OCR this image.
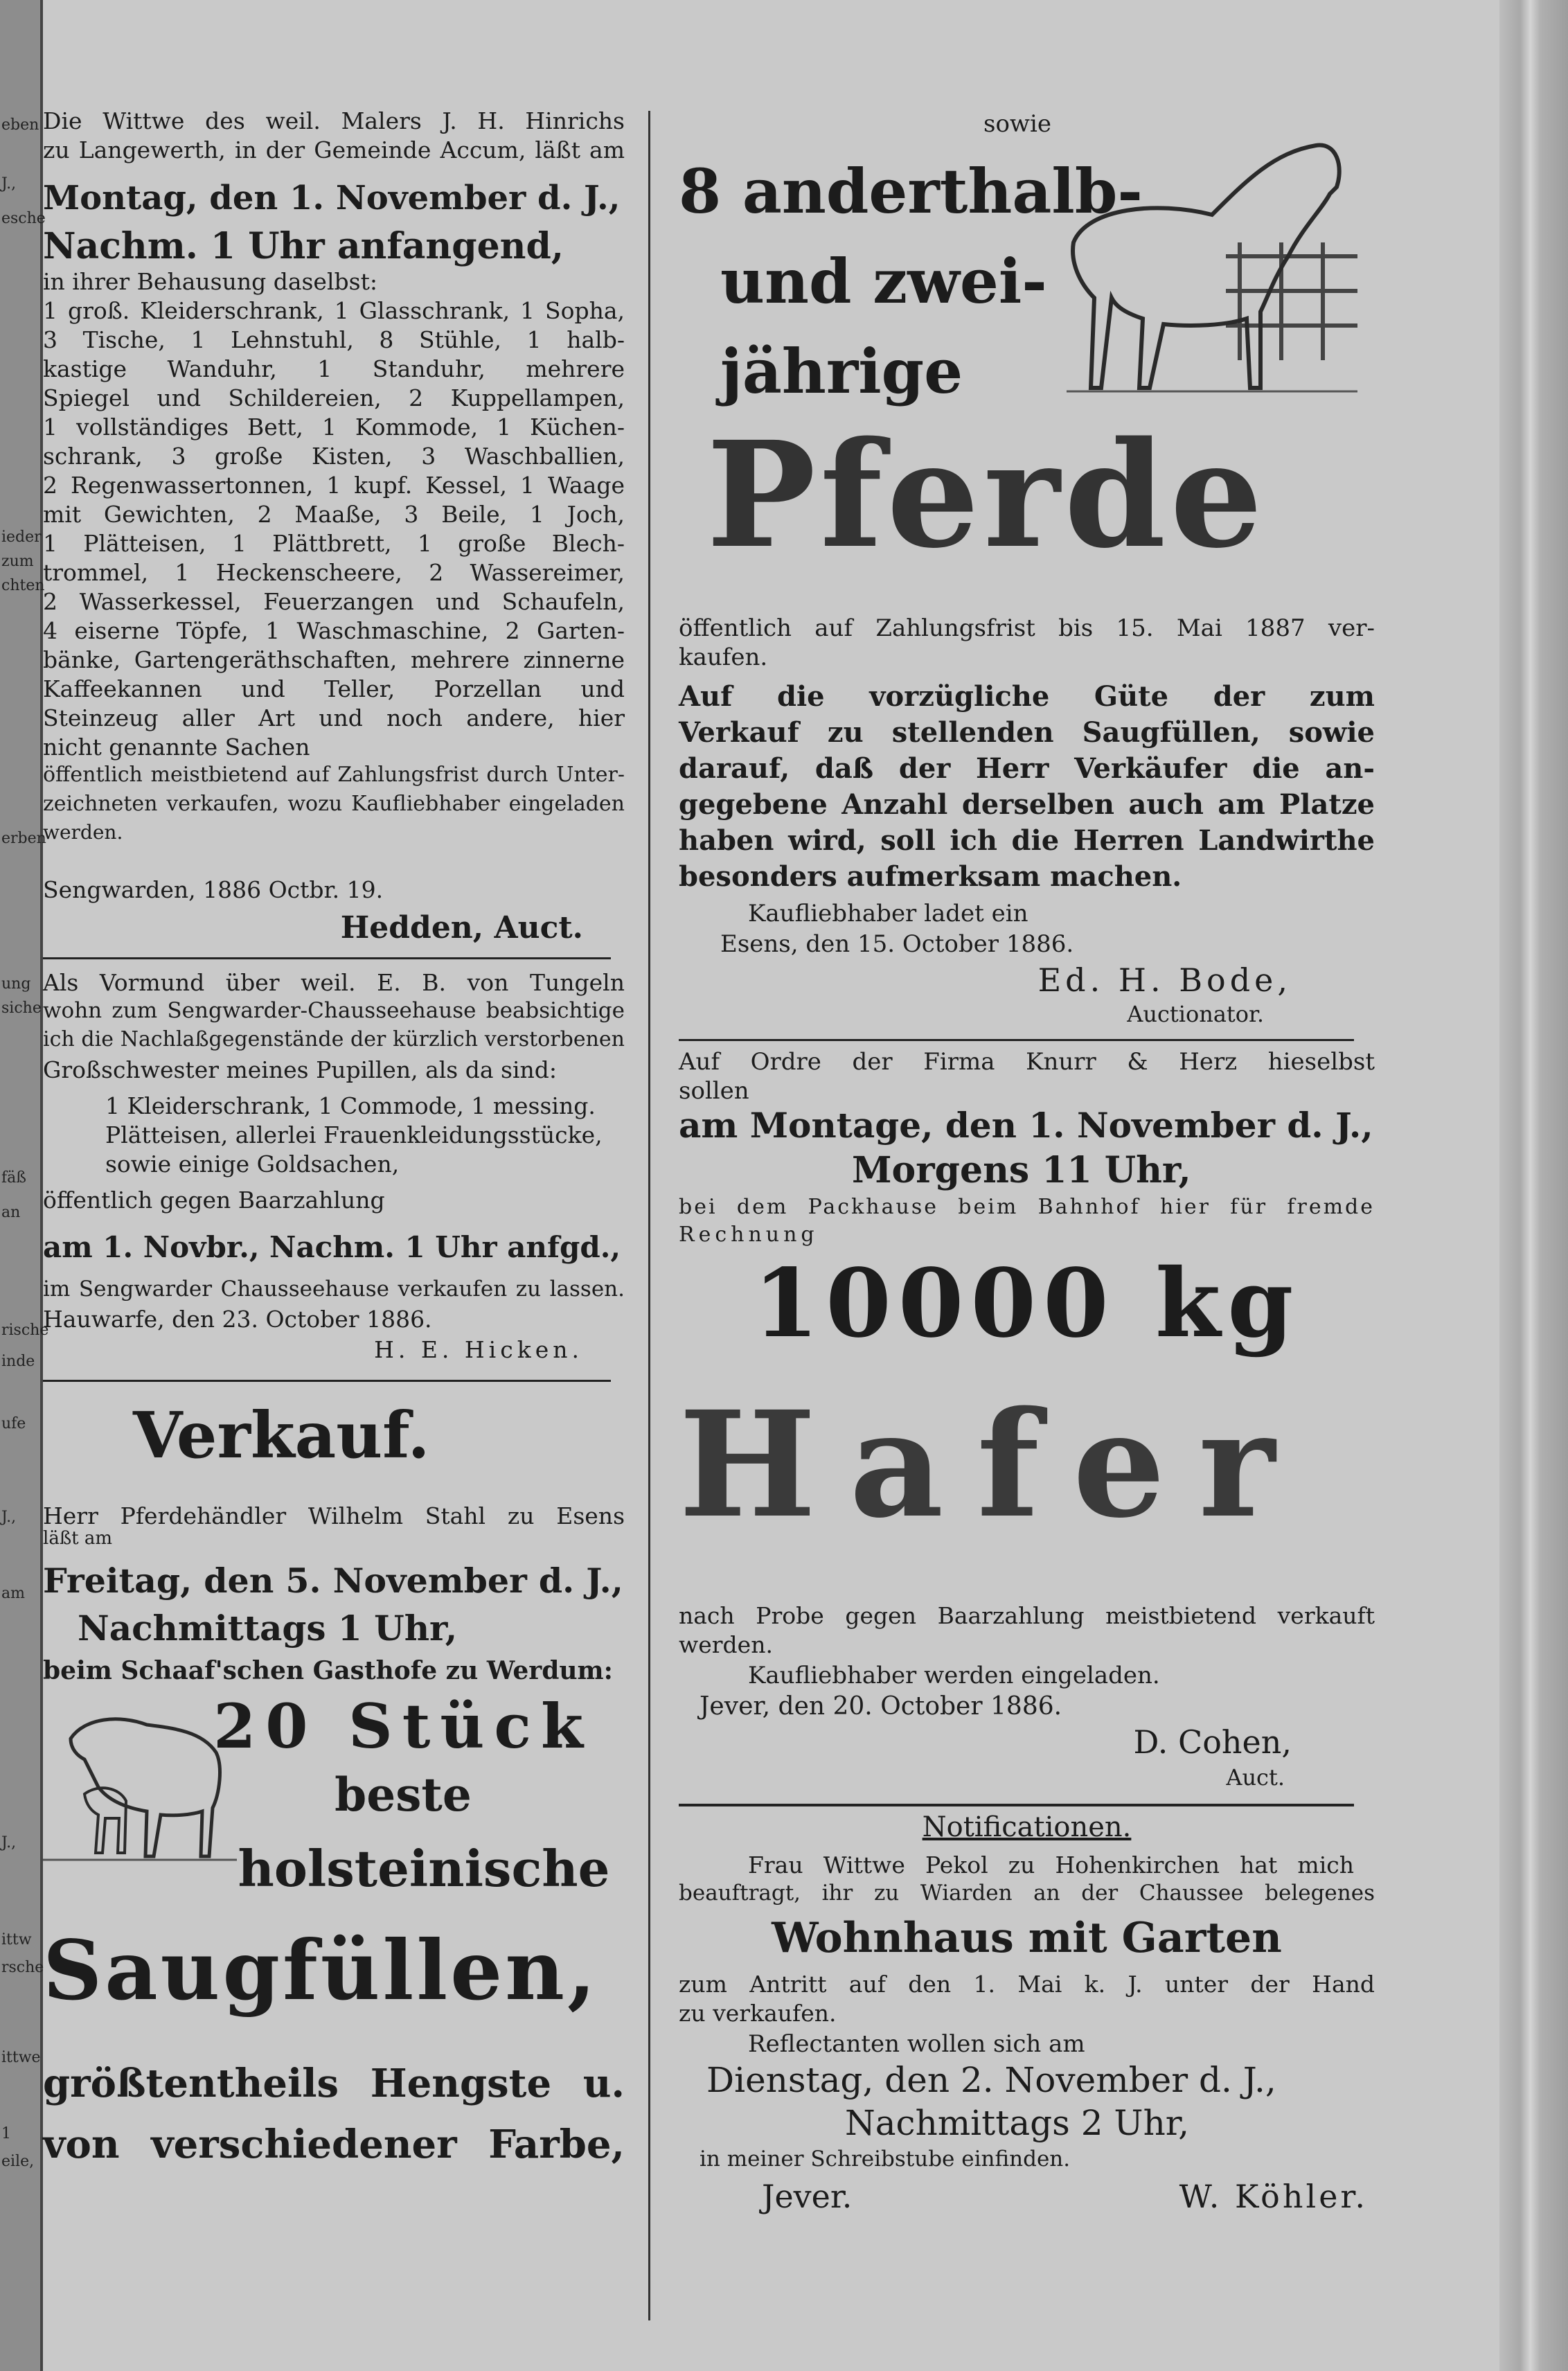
eben
J.,
esche
ieder
zum
chten
erben
ung
siche
fäß
an
rische
inde
ufe
J.,
am
ittw
rsche
J.,
ittwe
1
eile,
Die Wittwe des weil. Malers J. H. Hinrichs
zu Langewerth, in der Gemeinde Accum, läßt am
Montag, den 1. November d. J.,
Nachm. 1 Uhr anfangend,
in ihrer Behausung daselbst:
1 groß. Kleiderschrank, 1 Glasschrank, 1 Sopha,
3 Tische, 1 Lehnstuhl, 8 Stühle, 1 halb-
kastige Wanduhr, 1 Standuhr, mehrere
Spiegel und Schildereien, 2 Kuppellampen,
1 vollständiges Bett, 1 Kommode, 1 Küchen-
schrank, 3 große Kisten, 3 Waschballien,
2 Regenwassertonnen, 1 kupf. Kessel, 1 Waage
mit Gewichten, 2 Maaße, 3 Beile, 1 Joch,
1 Plätteisen, 1 Plättbrett, 1 große Blech-
trommel, 1 Heckenscheere, 2 Wassereimer,
2 Wasserkessel, Feuerzangen und Schaufeln,
4 eiserne Töpfe, 1 Waschmaschine, 2 Garten-
bänke, Gartengeräthschaften, mehrere zinnerne
Kaffeekannen und Teller, Porzellan und
Steinzeug aller Art und noch andere, hier
nicht genannte Sachen
öffentlich meistbietend auf Zahlungsfrist durch Unter-
zeichneten verkaufen, wozu Kaufliebhaber eingeladen
werden.
Sengwarden, 1886 Octbr. 19.
Hedden, Auct.
Als Vormund über weil. E. B. von Tungeln
wohn zum Sengwarder-Chausseehause beabsichtige
ich die Nachlaßgegenstände der kürzlich verstorbenen
Großschwester meines Pupillen, als da sind:
1 Kleiderschrank, 1 Commode, 1 messing.
Plätteisen, allerlei Frauenkleidungsstücke,
sowie einige Goldsachen,
öffentlich gegen Baarzahlung
am 1. Novbr., Nachm. 1 Uhr anfgd.,
im Sengwarder Chausseehause verkaufen zu lassen.
Hauwarfe, den 23. October 1886.
H. E. Hicken.
Verkauf.
Herr Pferdehändler Wilhelm Stahl zu Esens
läßt am
Freitag, den 5. November d. J.,
Nachmittags 1 Uhr,
beim Schaaf'schen Gasthofe zu Werdum:
20 Stück
beste
holsteinische
Saugfüllen,
größtentheils Hengste u.
von verschiedener Farbe,
sowie
8 anderthalb-
und zwei-
jährige
Pferde
öffentlich auf Zahlungsfrist bis 15. Mai 1887 ver-
kaufen.
Auf die vorzügliche Güte der zum
Verkauf zu stellenden Saugfüllen, sowie
darauf, daß der Herr Verkäufer die an-
gegebene Anzahl derselben auch am Platze
haben wird, soll ich die Herren Landwirthe
besonders aufmerksam machen.
Kaufliebhaber ladet ein
Esens, den 15. October 1886.
Ed. H. Bode,
Auctionator.
Auf Ordre der Firma Knurr & Herz hieselbst
sollen
am Montage, den 1. November d. J.,
Morgens 11 Uhr,
bei dem Packhause beim Bahnhof hier für fremde
Rechnung
10000 kg
Hafer
nach Probe gegen Baarzahlung meistbietend verkauft
werden.
Kaufliebhaber werden eingeladen.
Jever, den 20. October 1886.
D. Cohen,
Auct.
Notificationen.
Frau Wittwe Pekol zu Hohenkirchen hat mich
beauftragt, ihr zu Wiarden an der Chaussee belegenes
Wohnhaus mit Garten
zum Antritt auf den 1. Mai k. J. unter der Hand
zu verkaufen.
Reflectanten wollen sich am
Dienstag, den 2. November d. J.,
Nachmittags 2 Uhr,
in meiner Schreibstube einfinden.
Jever.	W. Köhler.
